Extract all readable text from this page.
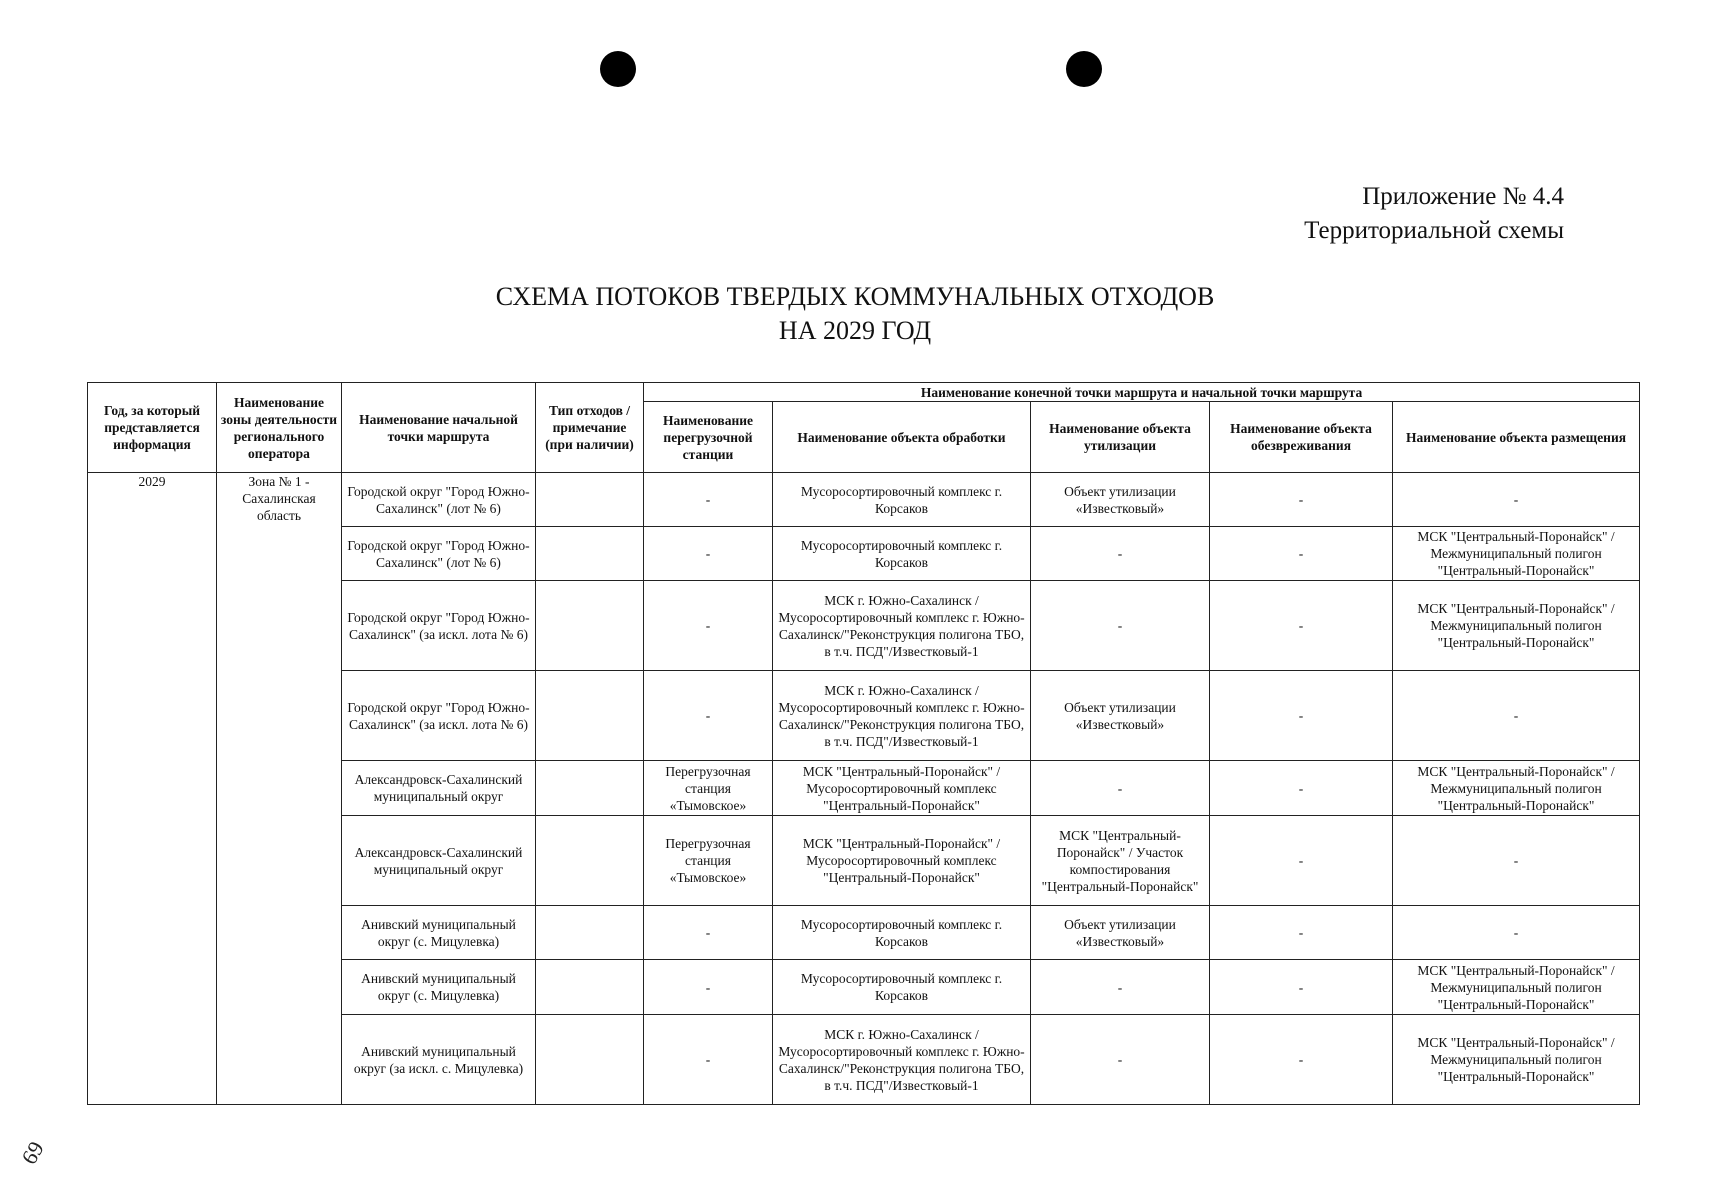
Приложение № 4.4
Территориальной схемы
СХЕМА ПОТОКОВ ТВЕРДЫХ КОММУНАЛЬНЫХ ОТХОДОВ
НА 2029 ГОД
Год, за который представляется информация	Наименование зоны деятельности регионального оператора	Наименование начальной точки маршрута	Тип отходов / примечание (при наличии)	Наименование конечной точки маршрута и начальной точки маршрута				
				Наименование перегрузочной станции	Наименование объекта обработки	Наименование объекта утилизации	Наименование объекта обезвреживания	Наименование объекта размещения
2029	Зона № 1 - Сахалинская область	Городской округ "Город Южно-Сахалинск" (лот № 6)		-	Мусоросортировочный комплекс г. Корсаков	Объект утилизации «Известковый»	-	-
		Городской округ "Город Южно-Сахалинск" (лот № 6)		-	Мусоросортировочный комплекс г. Корсаков	-	-	МСК "Центральный-Поронайск" / Межмуниципальный полигон "Центральный-Поронайск"
		Городской округ "Город Южно-Сахалинск" (за искл. лота № 6)		-	МСК г. Южно-Сахалинск / Мусоросортировочный комплекс г. Южно-Сахалинск/"Реконструкция полигона ТБО, в т.ч. ПСД"/Известковый-1	-	-	МСК "Центральный-Поронайск" / Межмуниципальный полигон "Центральный-Поронайск"
		Городской округ "Город Южно-Сахалинск" (за искл. лота № 6)		-	МСК г. Южно-Сахалинск / Мусоросортировочный комплекс г. Южно-Сахалинск/"Реконструкция полигона ТБО, в т.ч. ПСД"/Известковый-1	Объект утилизации «Известковый»	-	-
		Александровск-Сахалинский муниципальный округ		Перегрузочная станция «Тымовское»	МСК "Центральный-Поронайск" / Мусоросортировочный комплекс "Центральный-Поронайск"	-	-	МСК "Центральный-Поронайск" / Межмуниципальный полигон "Центральный-Поронайск"
		Александровск-Сахалинский муниципальный округ		Перегрузочная станция «Тымовское»	МСК "Центральный-Поронайск" / Мусоросортировочный комплекс "Центральный-Поронайск"	МСК "Центральный-Поронайск" / Участок компостирования "Центральный-Поронайск"	-	-
		Анивский муниципальный округ (с. Мицулевка)		-	Мусоросортировочный комплекс г. Корсаков	Объект утилизации «Известковый»	-	-
		Анивский муниципальный округ (с. Мицулевка)		-	Мусоросортировочный комплекс г. Корсаков	-	-	МСК "Центральный-Поронайск" / Межмуниципальный полигон "Центральный-Поронайск"
		Анивский муниципальный округ (за искл. с. Мицулевка)		-	МСК г. Южно-Сахалинск / Мусоросортировочный комплекс г. Южно-Сахалинск/"Реконструкция полигона ТБО, в т.ч. ПСД"/Известковый-1	-	-	МСК "Центральный-Поронайск" / Межмуниципальный полигон "Центральный-Поронайск"
69
